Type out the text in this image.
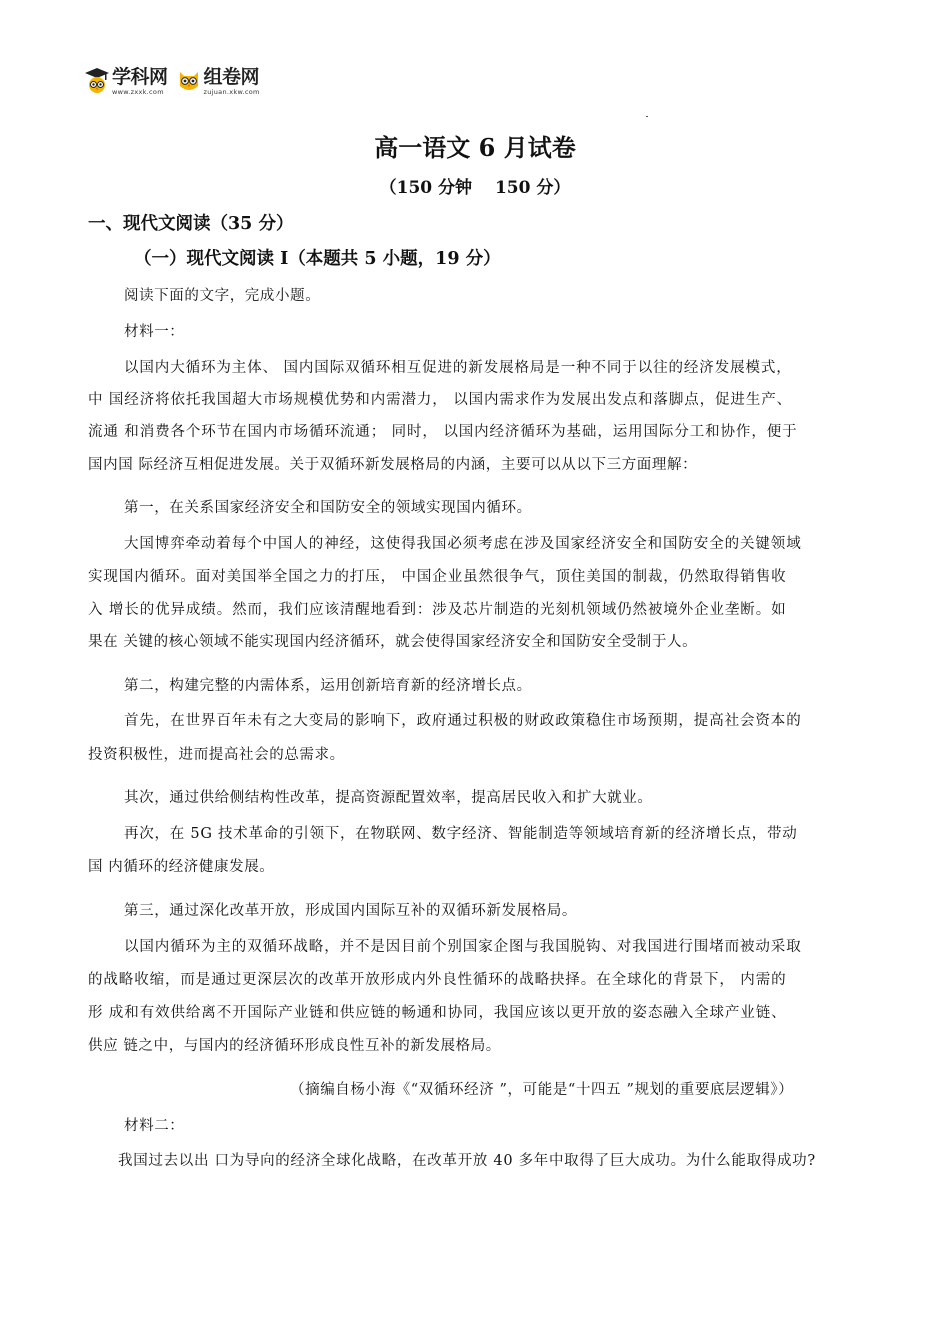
学科网
www.zxxk.com
组卷网
zujuan.xkw.com
高一语文 6 月试卷
（150 分钟　 150 分）
一、现代文阅读（35 分）
（一）现代文阅读 Ⅰ（本题共 5 小题，19 分）
阅读下面的文字，完成小题。
材料一：
以国内大循环为主体、 国内国际双循环相互促进的新发展格局是一种不同于以往的经济发展模式，
中 国经济将依托我国超大市场规模优势和内需潜力， 以国内需求作为发展出发点和落脚点，促进生产、
流通 和消费各个环节在国内市场循环流通； 同时， 以国内经济循环为基础，运用国际分工和协作，便于
国内国 际经济互相促进发展。关于双循环新发展格局的内涵，主要可以从以下三方面理解：
第一，在关系国家经济安全和国防安全的领域实现国内循环。
大国博弈牵动着每个中国人的神经，这使得我国必须考虑在涉及国家经济安全和国防安全的关键领域
实现国内循环。面对美国举全国之力的打压， 中国企业虽然很争气，顶住美国的制裁，仍然取得销售收
入 增长的优异成绩。然而，我们应该清醒地看到：涉及芯片制造的光刻机领域仍然被境外企业垄断。如
果在 关键的核心领域不能实现国内经济循环，就会使得国家经济安全和国防安全受制于人。
第二，构建完整的内需体系，运用创新培育新的经济增长点。
首先，在世界百年未有之大变局的影响下，政府通过积极的财政政策稳住市场预期，提高社会资本的
投资积极性，进而提高社会的总需求。
其次，通过供给侧结构性改革，提高资源配置效率，提高居民收入和扩大就业。
再次，在 5G 技术革命的引领下，在物联网、数字经济、智能制造等领域培育新的经济增长点，带动
国 内循环的经济健康发展。
第三，通过深化改革开放，形成国内国际互补的双循环新发展格局。
以国内循环为主的双循环战略，并不是因目前个别国家企图与我国脱钩、对我国进行围堵而被动采取
的战略收缩，而是通过更深层次的改革开放形成内外良性循环的战略抉择。在全球化的背景下， 内需的
形 成和有效供给离不开国际产业链和供应链的畅通和协同，我国应该以更开放的姿态融入全球产业链、
供应 链之中，与国内的经济循环形成良性互补的新发展格局。
（摘编自杨小海《“双循环经济 ”，可能是“十四五 ”规划的重要底层逻辑》）
材料二：
我国过去以出 口为导向的经济全球化战略，在改革开放 40 多年中取得了巨大成功。为什么能取得成功?
